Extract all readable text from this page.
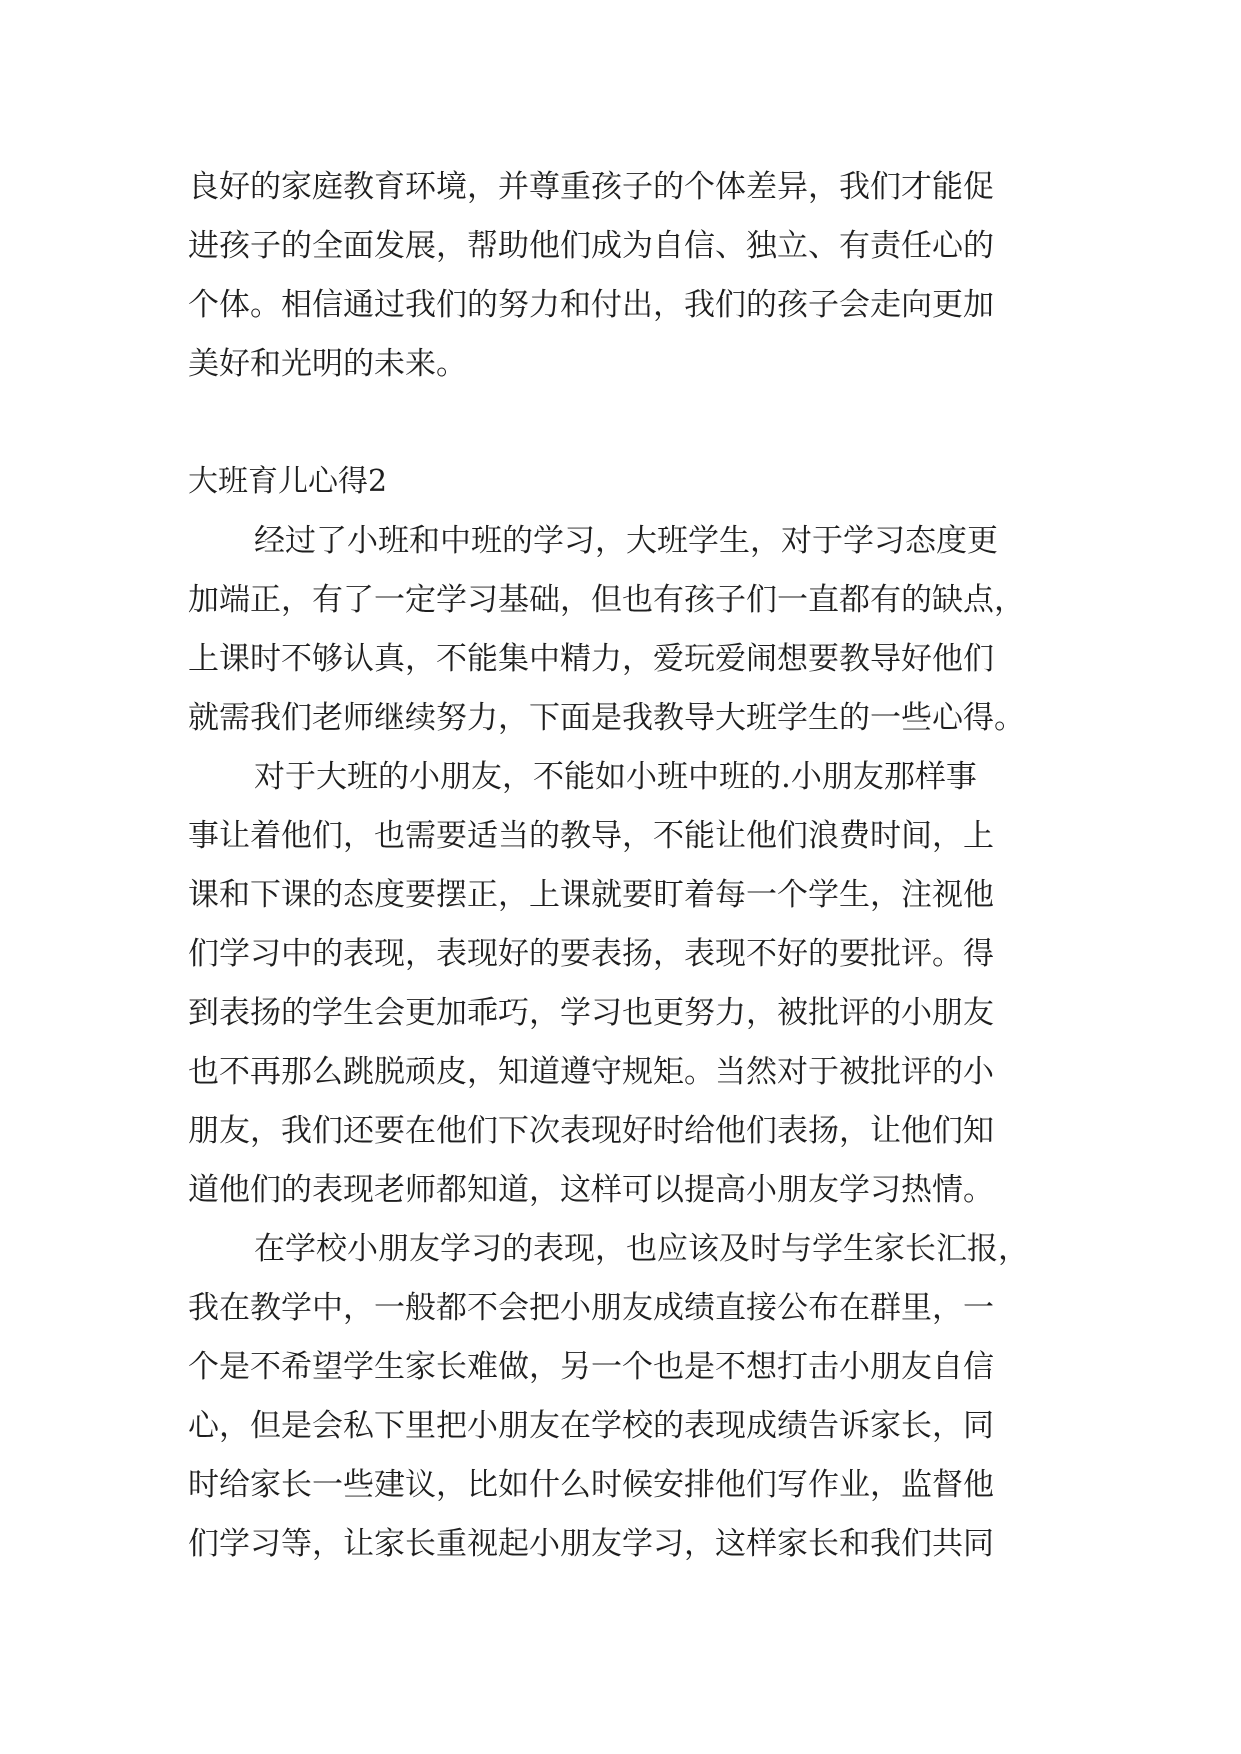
良好的家庭教育环境，并尊重孩子的个体差异，我们才能促
进孩子的全面发展，帮助他们成为自信、独立、有责任心的
个体。相信通过我们的努力和付出，我们的孩子会走向更加
美好和光明的未来。
大班育儿心得2
经过了小班和中班的学习，大班学生，对于学习态度更
加端正，有了一定学习基础，但也有孩子们一直都有的缺点，
上课时不够认真，不能集中精力，爱玩爱闹想要教导好他们
就需我们老师继续努力，下面是我教导大班学生的一些心得。
对于大班的小朋友，不能如小班中班的.小朋友那样事
事让着他们，也需要适当的教导，不能让他们浪费时间，上
课和下课的态度要摆正，上课就要盯着每一个学生，注视他
们学习中的表现，表现好的要表扬，表现不好的要批评。得
到表扬的学生会更加乖巧，学习也更努力，被批评的小朋友
也不再那么跳脱顽皮，知道遵守规矩。当然对于被批评的小
朋友，我们还要在他们下次表现好时给他们表扬，让他们知
道他们的表现老师都知道，这样可以提高小朋友学习热情。
在学校小朋友学习的表现，也应该及时与学生家长汇报，
我在教学中，一般都不会把小朋友成绩直接公布在群里，一
个是不希望学生家长难做，另一个也是不想打击小朋友自信
心，但是会私下里把小朋友在学校的表现成绩告诉家长，同
时给家长一些建议，比如什么时候安排他们写作业，监督他
们学习等，让家长重视起小朋友学习，这样家长和我们共同
